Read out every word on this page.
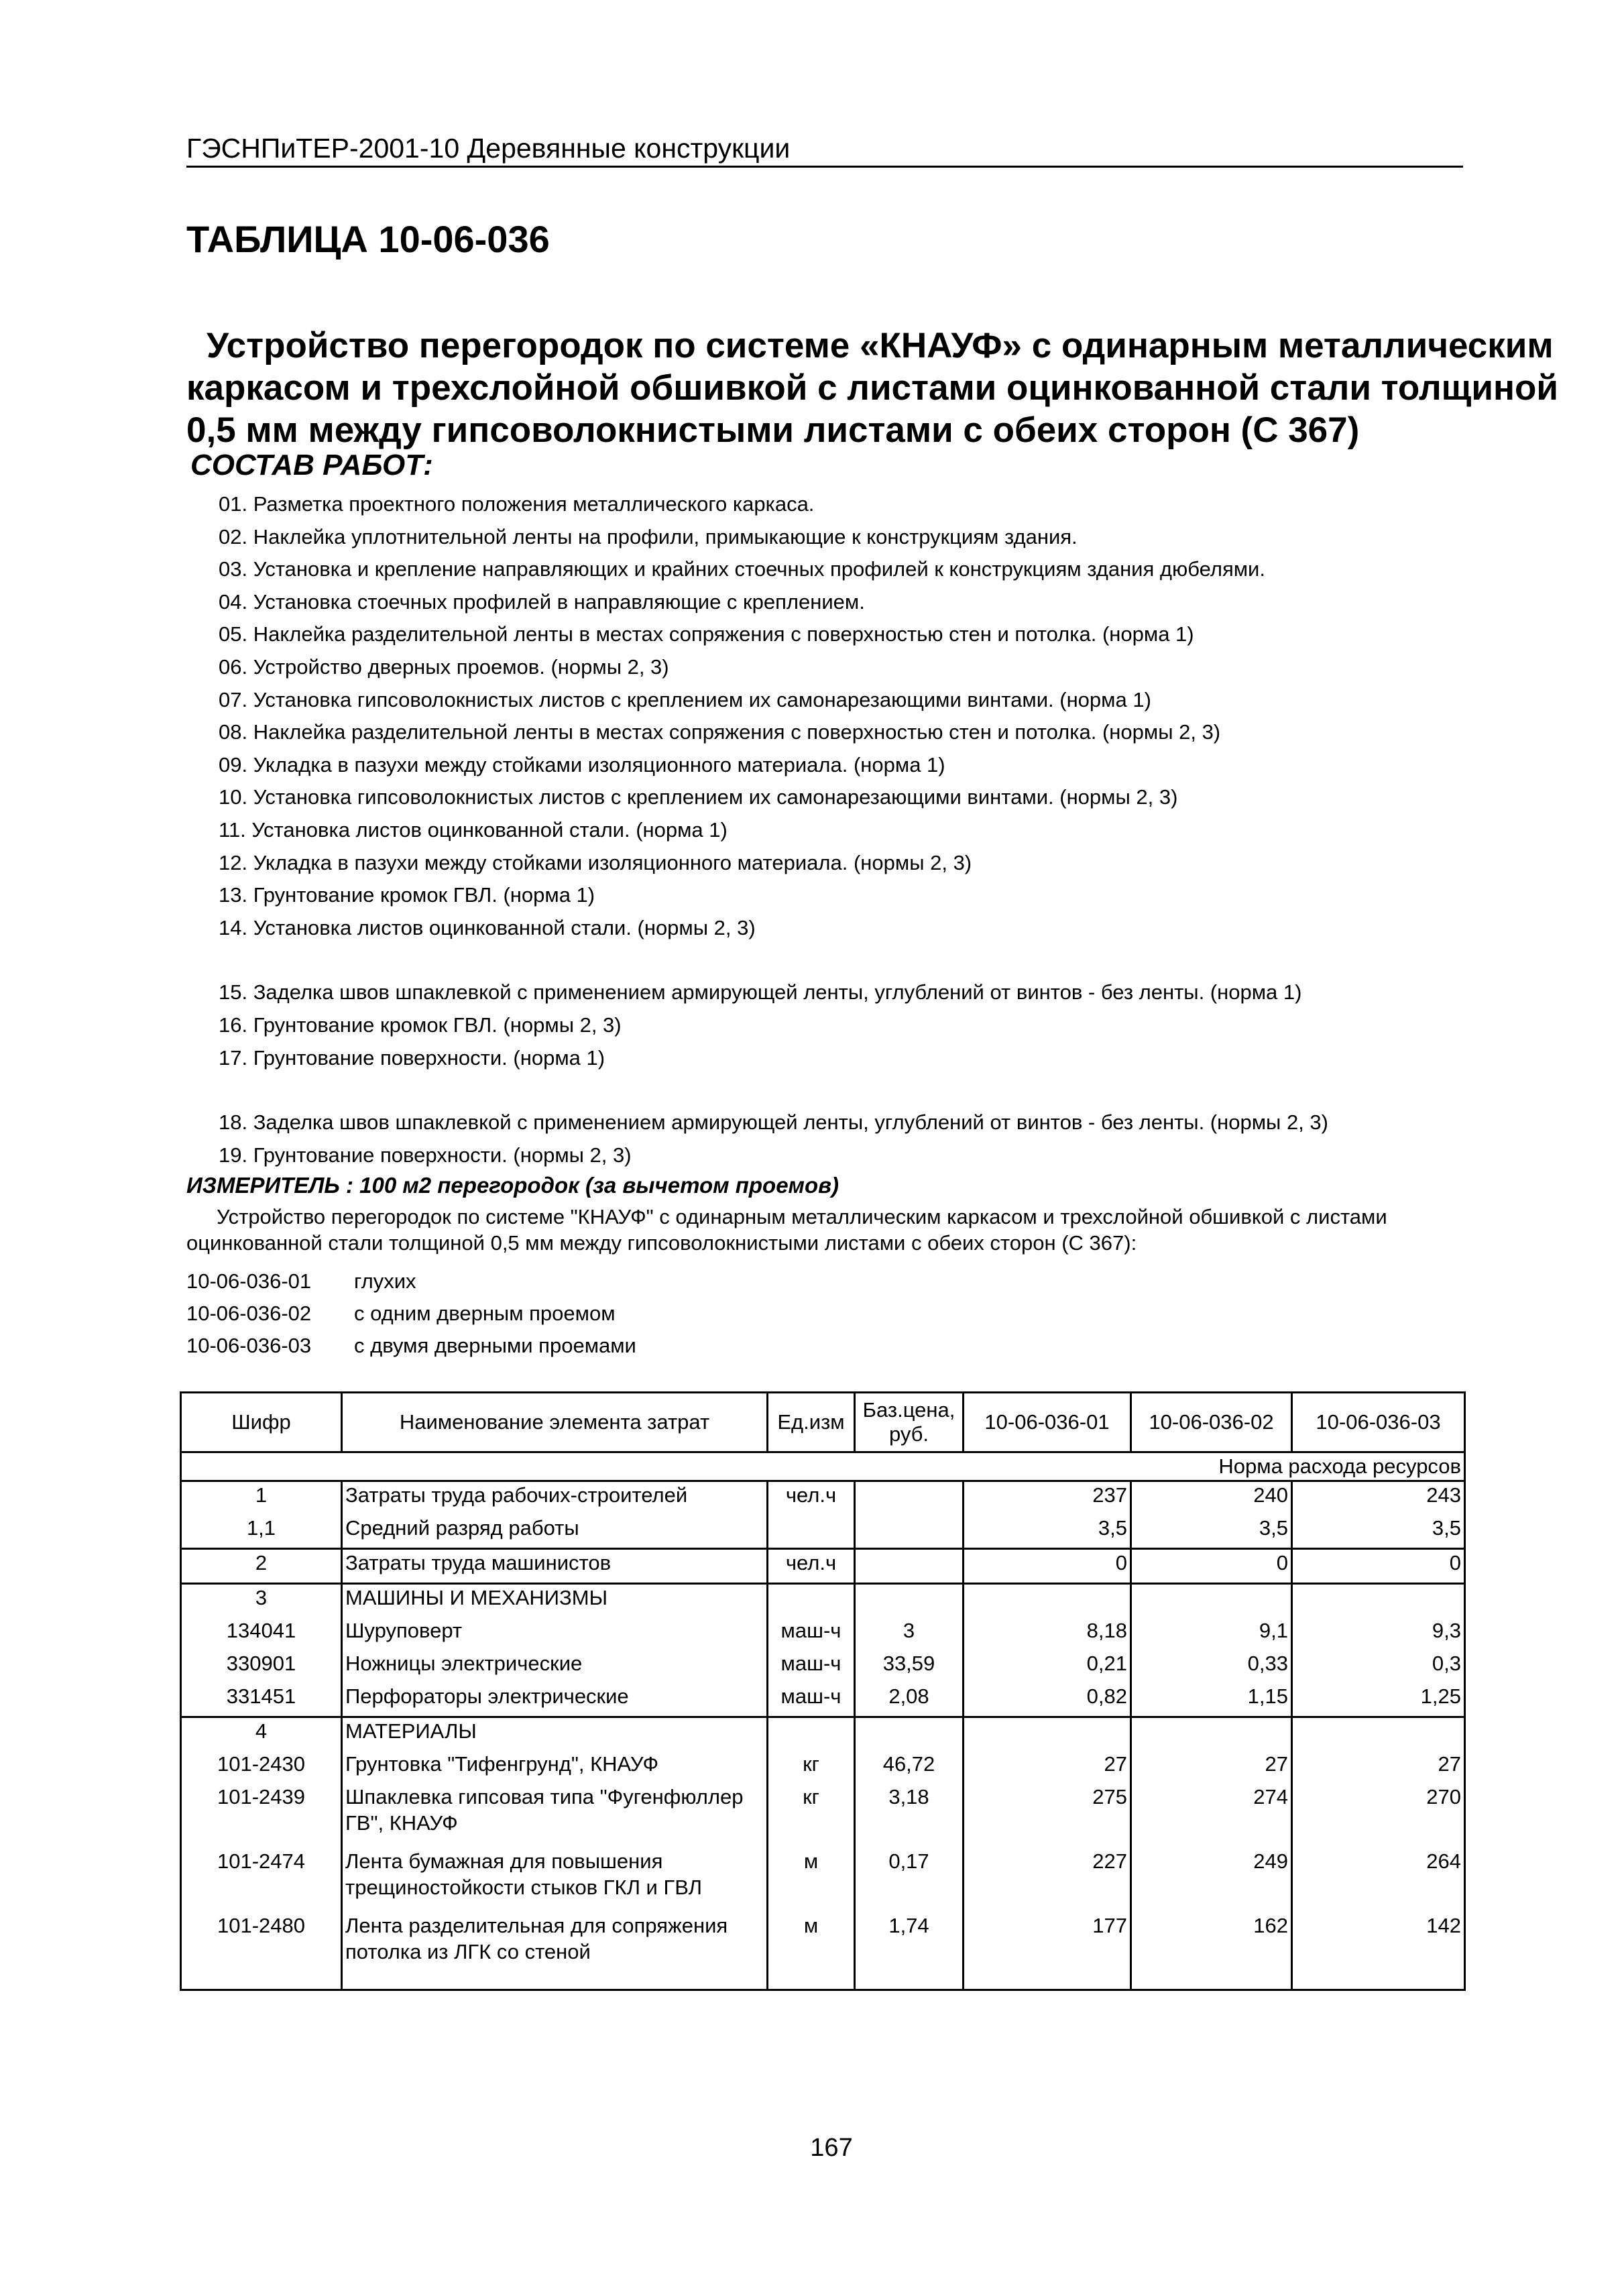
ГЭСНПиТЕР-2001-10 Деревянные конструкции
ТАБЛИЦА 10-06-036
Устройство перегородок по системе «КНАУФ» с одинарным металлическим
каркасом и трехслойной обшивкой с листами оцинкованной стали толщиной
0,5 мм между гипсоволокнистыми листами с обеих сторон (С 367)
СОСТАВ РАБОТ:
01. Разметка проектного положения металлического каркаса.
02. Наклейка уплотнительной ленты на профили, примыкающие к конструкциям здания.
03. Установка и крепление направляющих и крайних стоечных профилей к конструкциям здания дюбелями.
04. Установка стоечных профилей в направляющие с креплением.
05. Наклейка разделительной ленты в местах сопряжения с поверхностью стен и потолка. (норма 1)
06. Устройство дверных проемов. (нормы 2, 3)
07. Установка гипсоволокнистых листов с креплением их самонарезающими винтами. (норма 1)
08. Наклейка разделительной ленты в местах сопряжения с поверхностью стен и потолка. (нормы 2, 3)
09. Укладка в пазухи между стойками изоляционного материала. (норма 1)
10. Установка гипсоволокнистых листов с креплением их самонарезающими винтами. (нормы 2, 3)
11. Установка листов оцинкованной стали. (норма 1)
12. Укладка в пазухи между стойками изоляционного материала. (нормы 2, 3)
13. Грунтование кромок ГВЛ. (норма 1)
14. Установка листов оцинкованной стали. (нормы 2, 3)
15. Заделка швов шпаклевкой с применением армирующей ленты, углублений от винтов - без ленты. (норма 1)
16. Грунтование кромок ГВЛ. (нормы 2, 3)
17. Грунтование поверхности. (норма 1)
18. Заделка швов шпаклевкой с применением армирующей ленты, углублений от винтов - без ленты. (нормы 2, 3)
19. Грунтование поверхности. (нормы 2, 3)
ИЗМЕРИТЕЛЬ : 100 м2 перегородок (за вычетом проемов)
Устройство перегородок по системе "КНАУФ" с одинарным металлическим каркасом и трехслойной обшивкой с листами оцинкованной стали толщиной 0,5 мм между гипсоволокнистыми листами с обеих сторон (С 367):
10-06-036-01	глухих
10-06-036-02	с одним дверным проемом
10-06-036-03	с двумя дверными проемами
Шифр	Наименование элемента затрат	Ед.изм	Баз.цена, руб.	10-06-036-01	10-06-036-02	10-06-036-03
Норма расхода ресурсов						
1	Затраты труда рабочих-строителей	чел.ч		237	240	243
1,1	Средний разряд работы			3,5	3,5	3,5
2	Затраты труда машинистов	чел.ч		0	0	0
3	МАШИНЫ И МЕХАНИЗМЫ					
134041	Шуруповерт	маш-ч	3	8,18	9,1	9,3
330901	Ножницы электрические	маш-ч	33,59	0,21	0,33	0,3
331451	Перфораторы электрические	маш-ч	2,08	0,82	1,15	1,25
4	МАТЕРИАЛЫ					
101-2430	Грунтовка "Тифенгрунд", КНАУФ	кг	46,72	27	27	27
101-2439	Шпаклевка гипсовая типа "Фугенфюллер ГВ", КНАУФ	кг	3,18	275	274	270
101-2474	Лента бумажная для повышения трещиностойкости стыков ГКЛ и ГВЛ	м	0,17	227	249	264
101-2480	Лента разделительная для сопряжения потолка из ЛГК со стеной	м	1,74	177	162	142
167
